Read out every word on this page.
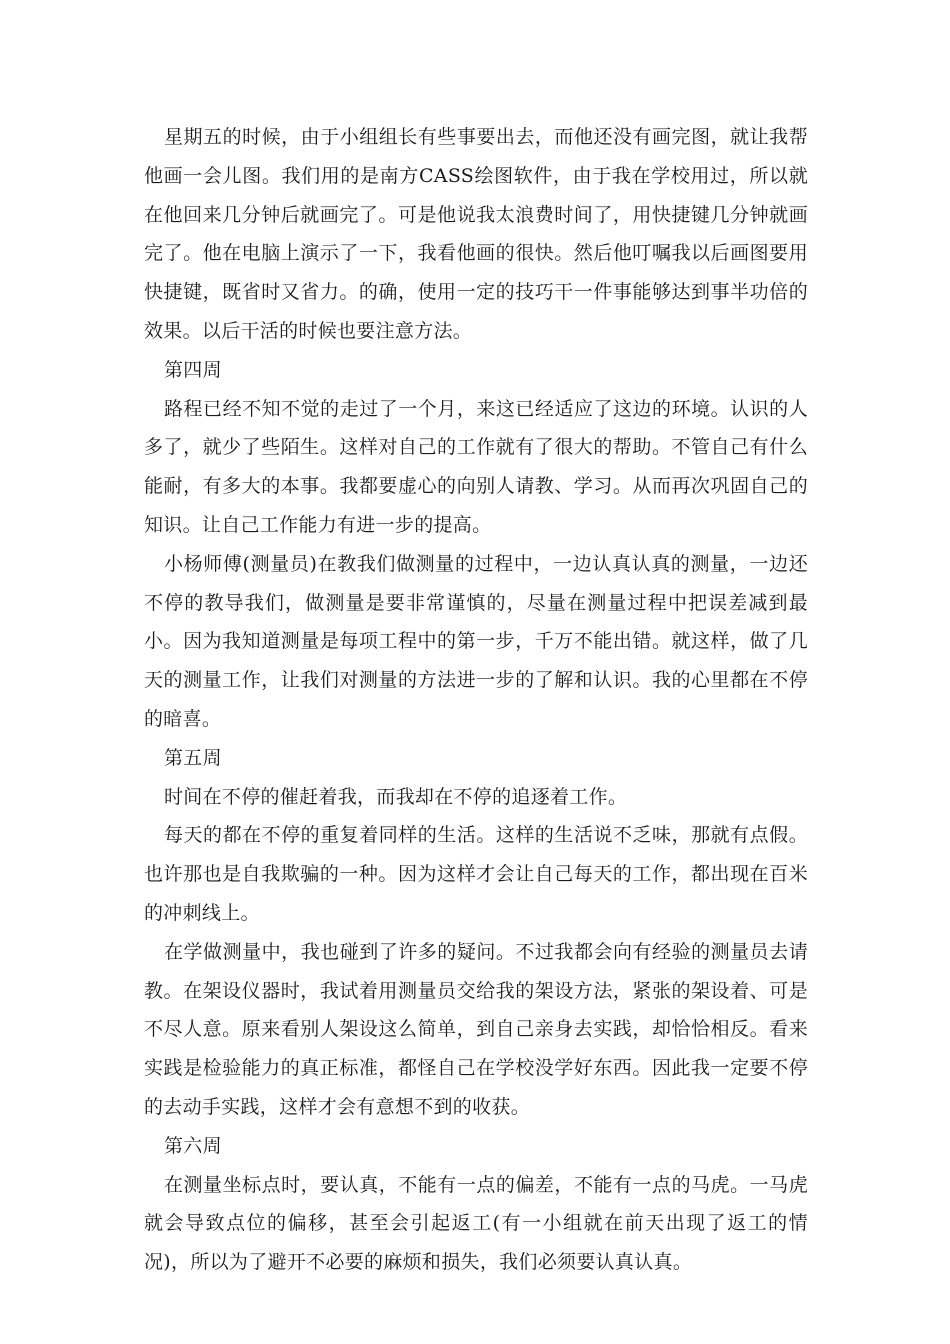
星期五的时候，由于小组组长有些事要出去，而他还没有画完图，就让我帮他画一会儿图。我们用的是南方CASS绘图软件，由于我在学校用过，所以就在他回来几分钟后就画完了。可是他说我太浪费时间了，用快捷键几分钟就画完了。他在电脑上演示了一下，我看他画的很快。然后他叮嘱我以后画图要用快捷键，既省时又省力。的确，使用一定的技巧干一件事能够达到事半功倍的效果。以后干活的时候也要注意方法。

第四周

路程已经不知不觉的走过了一个月，来这已经适应了这边的环境。认识的人多了，就少了些陌生。这样对自己的工作就有了很大的帮助。不管自己有什么能耐，有多大的本事。我都要虚心的向别人请教、学习。从而再次巩固自己的知识。让自己工作能力有进一步的提高。

小杨师傅(测量员)在教我们做测量的过程中，一边认真认真的测量，一边还不停的教导我们，做测量是要非常谨慎的，尽量在测量过程中把误差减到最小。因为我知道测量是每项工程中的第一步，千万不能出错。就这样，做了几天的测量工作，让我们对测量的方法进一步的了解和认识。我的心里都在不停的暗喜。

第五周

时间在不停的催赶着我，而我却在不停的追逐着工作。

每天的都在不停的重复着同样的生活。这样的生活说不乏味，那就有点假。也许那也是自我欺骗的一种。因为这样才会让自己每天的工作，都出现在百米的冲刺线上。

在学做测量中，我也碰到了许多的疑问。不过我都会向有经验的测量员去请教。在架设仪器时，我试着用测量员交给我的架设方法，紧张的架设着、可是不尽人意。原来看别人架设这么简单，到自己亲身去实践，却恰恰相反。看来实践是检验能力的真正标准，都怪自己在学校没学好东西。因此我一定要不停的去动手实践，这样才会有意想不到的收获。

第六周

在测量坐标点时，要认真，不能有一点的偏差，不能有一点的马虎。一马虎就会导致点位的偏移，甚至会引起返工(有一小组就在前天出现了返工的情况)，所以为了避开不必要的麻烦和损失，我们必须要认真认真。
